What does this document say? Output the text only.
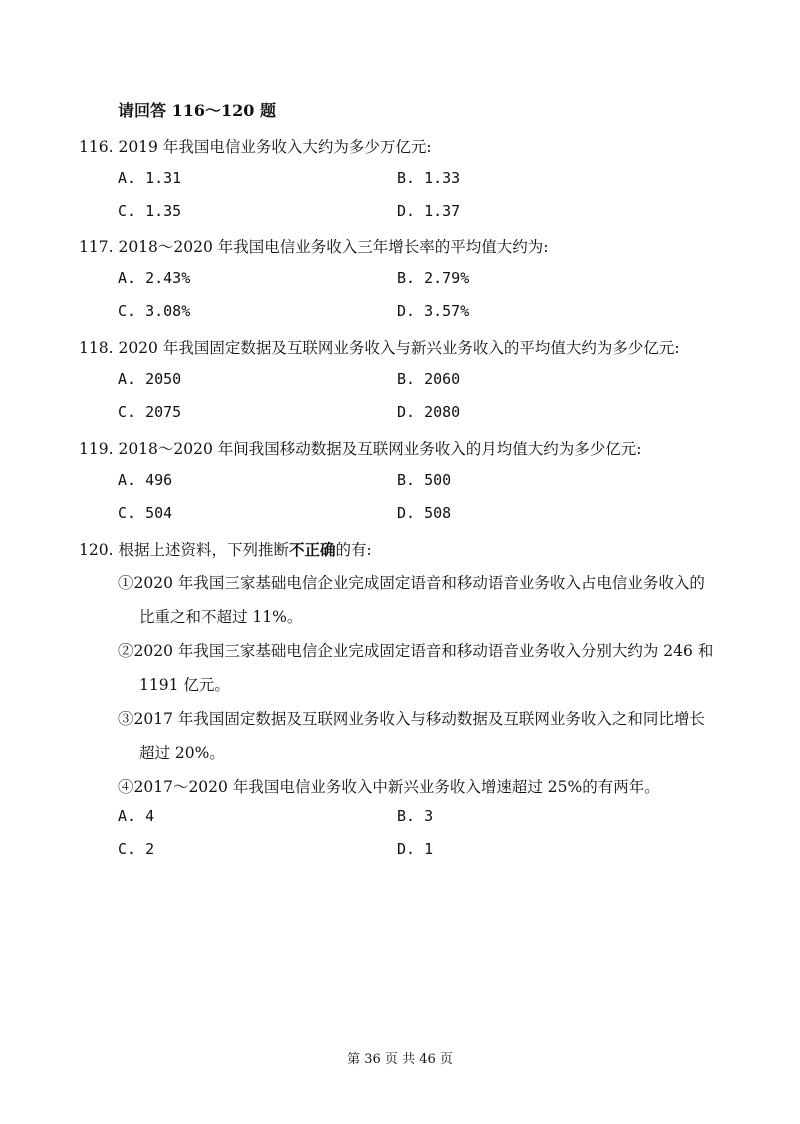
请回答 116～120 题
116. 2019 年我国电信业务收入大约为多少万亿元:
A. 1.31	B. 1.33
C. 1.35	D. 1.37
117. 2018～2020 年我国电信业务收入三年增长率的平均值大约为:
A. 2.43%	B. 2.79%
C. 3.08%	D. 3.57%
118. 2020 年我国固定数据及互联网业务收入与新兴业务收入的平均值大约为多少亿元:
A. 2050	B. 2060
C. 2075	D. 2080
119. 2018～2020 年间我国移动数据及互联网业务收入的月均值大约为多少亿元:
A. 496	B. 500
C. 504	D. 508
120. 根据上述资料，下列推断不正确的有:
①2020 年我国三家基础电信企业完成固定语音和移动语音业务收入占电信业务收入的
比重之和不超过 11%。
②2020 年我国三家基础电信企业完成固定语音和移动语音业务收入分别大约为 246 和
1191 亿元。
③2017 年我国固定数据及互联网业务收入与移动数据及互联网业务收入之和同比增长
超过 20%。
④2017～2020 年我国电信业务收入中新兴业务收入增速超过 25%的有两年。
A. 4	B. 3
C. 2	D. 1
第 36 页 共 46 页
